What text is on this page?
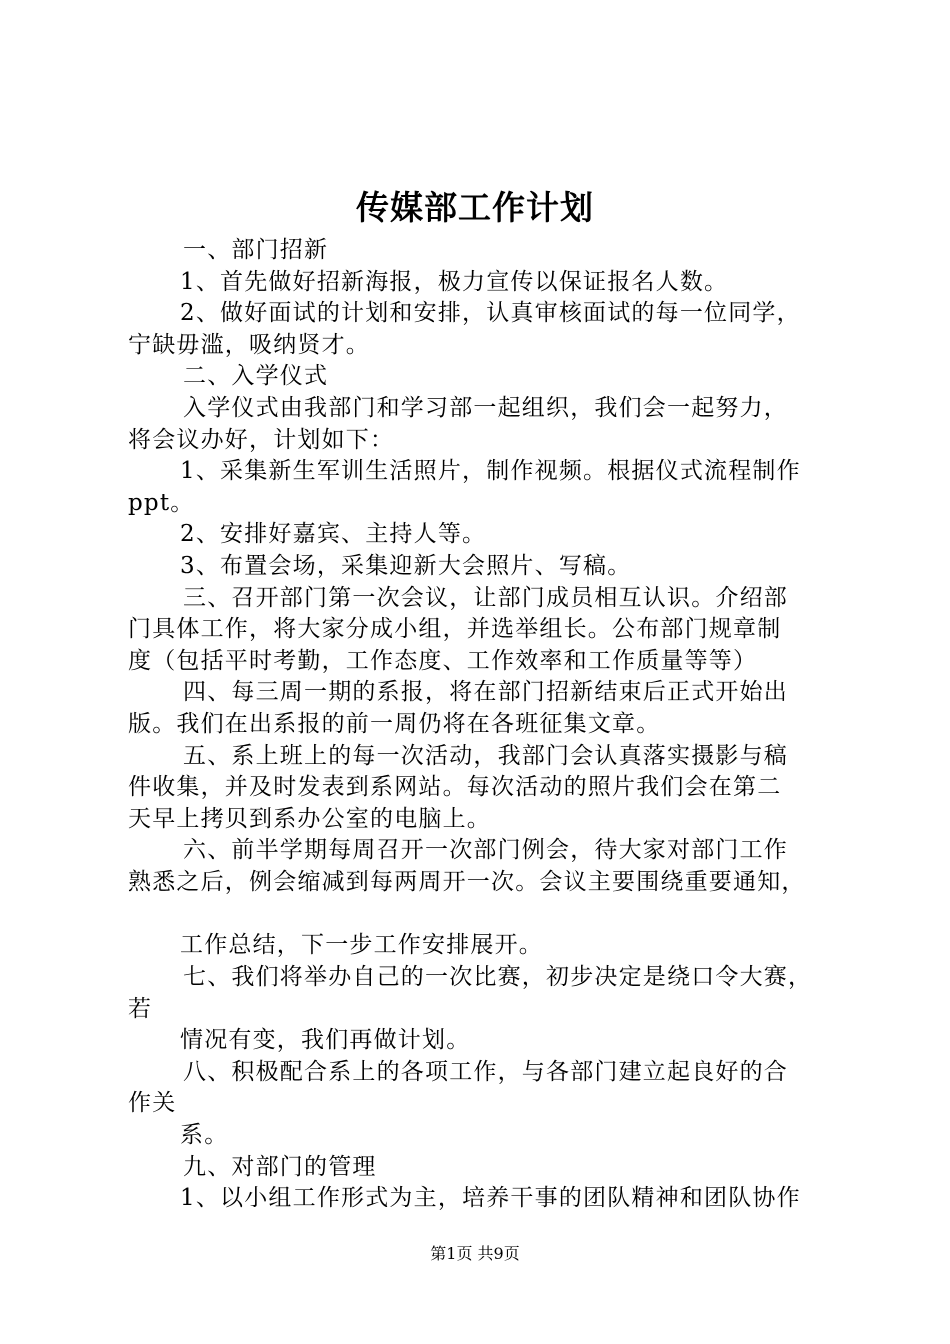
传媒部工作计划
一、部门招新
1、首先做好招新海报，极力宣传以保证报名人数。
2、做好面试的计划和安排，认真审核面试的每一位同学，
宁缺毋滥，吸纳贤才。
二、入学仪式
入学仪式由我部门和学习部一起组织，我们会一起努力，
将会议办好，计划如下：
1、采集新生军训生活照片，制作视频。根据仪式流程制作
ppt。
2、安排好嘉宾、主持人等。
3、布置会场，采集迎新大会照片、写稿。
三、召开部门第一次会议，让部门成员相互认识。介绍部
门具体工作，将大家分成小组，并选举组长。公布部门规章制
度（包括平时考勤，工作态度、工作效率和工作质量等等）
四、每三周一期的系报，将在部门招新结束后正式开始出
版。我们在出系报的前一周仍将在各班征集文章。
五、系上班上的每一次活动，我部门会认真落实摄影与稿
件收集，并及时发表到系网站。每次活动的照片我们会在第二
天早上拷贝到系办公室的电脑上。
六、前半学期每周召开一次部门例会，待大家对部门工作
熟悉之后，例会缩减到每两周开一次。会议主要围绕重要通知，
工作总结，下一步工作安排展开。
七、我们将举办自己的一次比赛，初步决定是绕口令大赛，
若
情况有变，我们再做计划。
八、积极配合系上的各项工作，与各部门建立起良好的合
作关
系。
九、对部门的管理
1、以小组工作形式为主，培养干事的团队精神和团队协作
第1页 共9页
